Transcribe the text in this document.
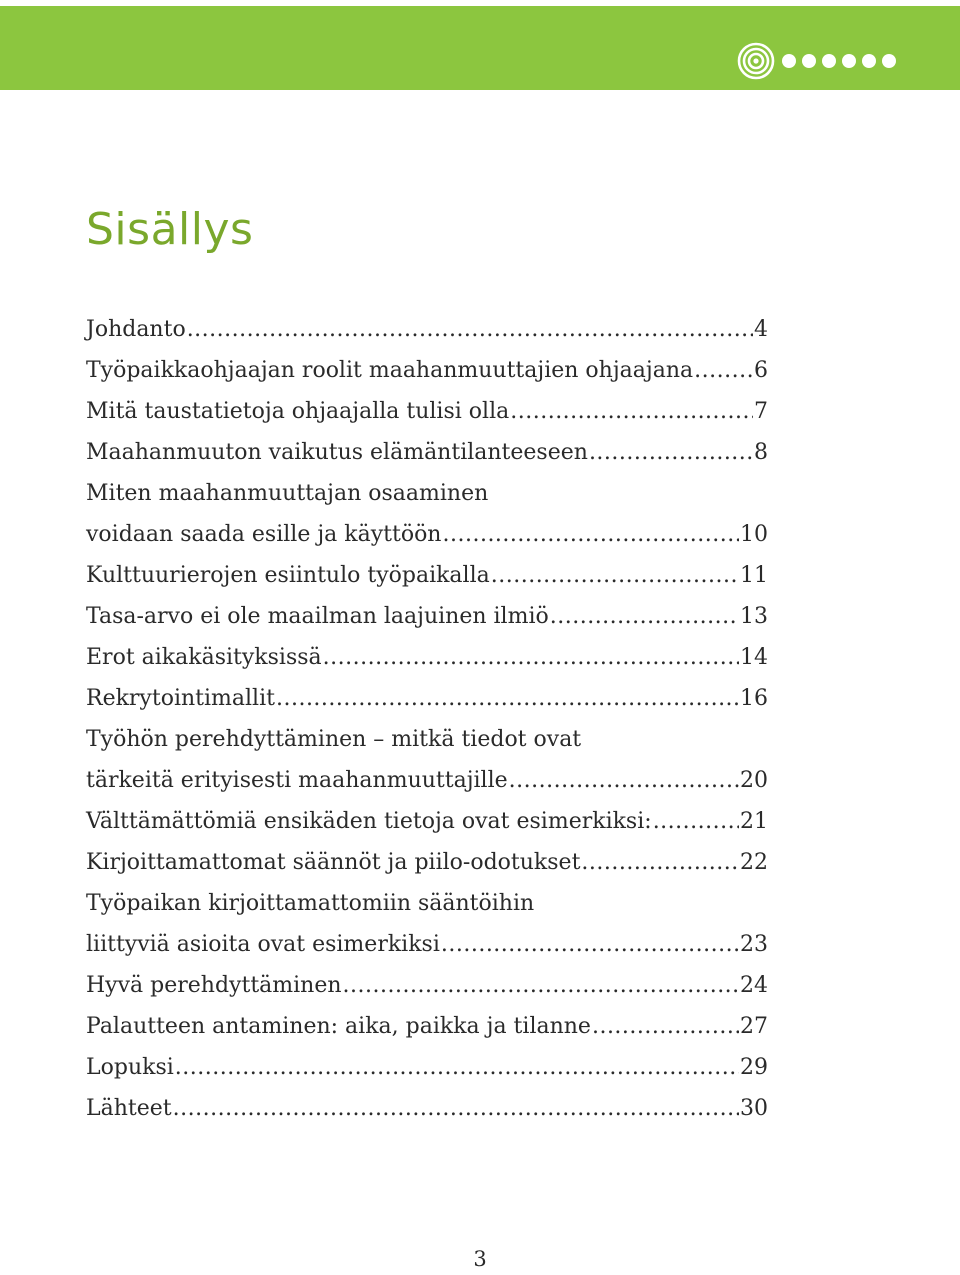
Sisällys
Johdanto .....	4
Työpaikkaohjaajan roolit maahanmuuttajien ohjaajana .....	6
Mitä taustatietoja ohjaajalla tulisi olla .....	7
Maahanmuuton vaikutus elämäntilanteeseen .....	8
Miten maahanmuuttajan osaaminen
voidaan saada esille ja käyttöön .....	10
Kulttuurierojen esiintulo työpaikalla .....	11
Tasa-arvo ei ole maailman laajuinen ilmiö .....	13
Erot aikakäsityksissä .....	14
Rekrytointimallit .....	16
Työhön perehdyttäminen – mitkä tiedot ovat
tärkeitä erityisesti maahanmuuttajille .....	20
Välttämättömiä ensikäden tietoja ovat esimerkiksi: .....	21
Kirjoittamattomat säännöt ja piilo-odotukset .....	22
Työpaikan kirjoittamattomiin sääntöihin
liittyviä asioita ovat esimerkiksi .....	23
Hyvä perehdyttäminen .....	24
Palautteen antaminen: aika, paikka ja tilanne .....	27
Lopuksi .....	29
Lähteet .....	30
3
